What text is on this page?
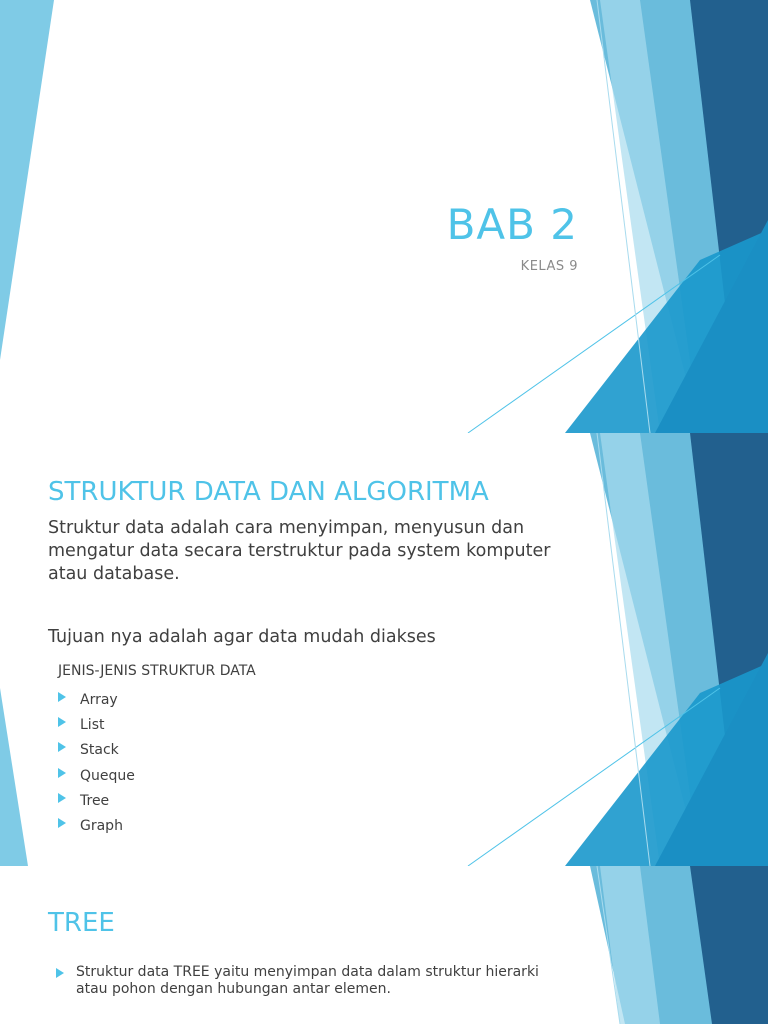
BAB 2

KELAS 9

STRUKTUR DATA DAN ALGORITMA

Struktur data adalah cara menyimpan, menyusun dan mengatur data secara terstruktur pada system komputer atau database.

Tujuan nya adalah agar data mudah diakses

JENIS-JENIS STRUKTUR DATA

Array
List
Stack
Queque
Tree
Graph
TREE
Struktur data TREE yaitu menyimpan data dalam struktur hierarki atau pohon dengan hubungan antar elemen.
